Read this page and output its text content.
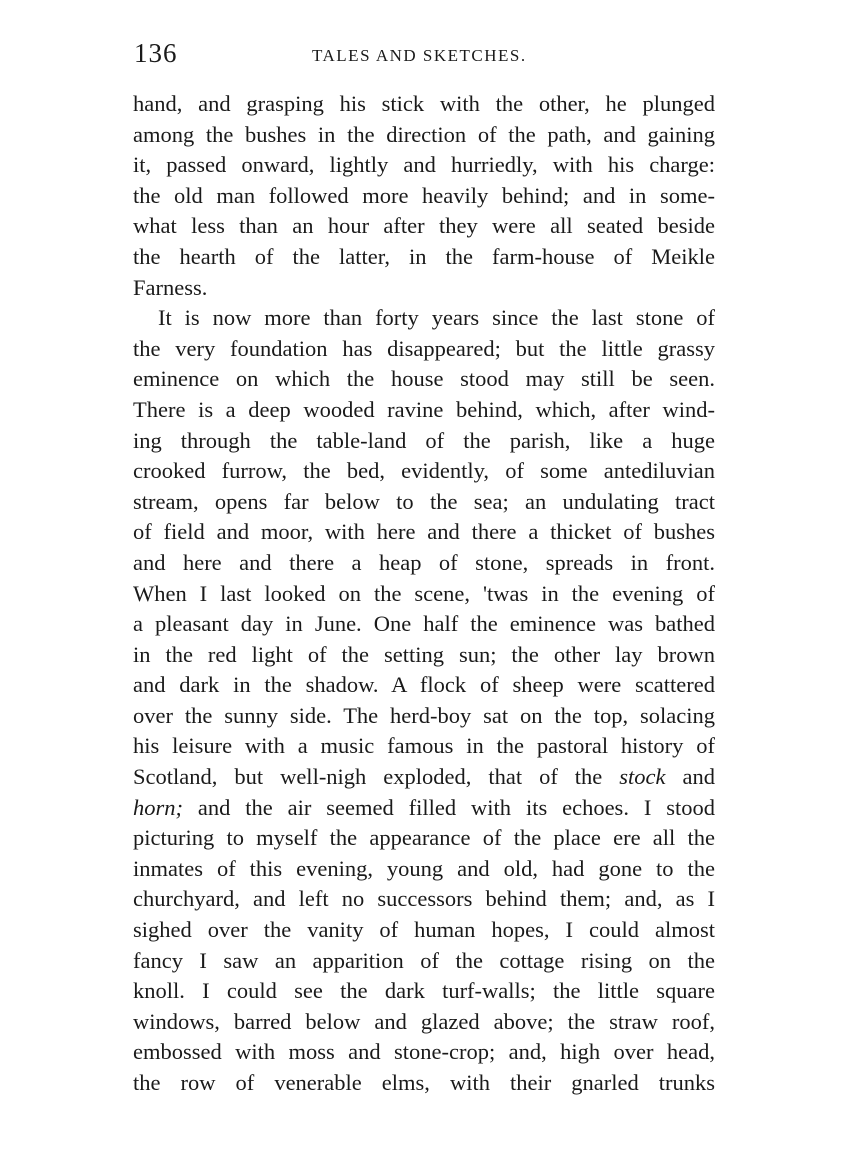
136	TALES AND SKETCHES.
hand, and grasping his stick with the other, he plunged
among the bushes in the direction of the path, and gaining
it, passed onward, lightly and hurriedly, with his charge:
the old man followed more heavily behind; and in some-
what less than an hour after they were all seated beside
the hearth of the latter, in the farm-house of Meikle
Farness.
It is now more than forty years since the last stone of
the very foundation has disappeared; but the little grassy
eminence on which the house stood may still be seen.
There is a deep wooded ravine behind, which, after wind-
ing through the table-land of the parish, like a huge
crooked furrow, the bed, evidently, of some antediluvian
stream, opens far below to the sea; an undulating tract
of field and moor, with here and there a thicket of bushes
and here and there a heap of stone, spreads in front.
When I last looked on the scene, 'twas in the evening of
a pleasant day in June. One half the eminence was bathed
in the red light of the setting sun; the other lay brown
and dark in the shadow. A flock of sheep were scattered
over the sunny side. The herd-boy sat on the top, solacing
his leisure with a music famous in the pastoral history of
Scotland, but well-nigh exploded, that of the stock and
horn; and the air seemed filled with its echoes. I stood
picturing to myself the appearance of the place ere all the
inmates of this evening, young and old, had gone to the
churchyard, and left no successors behind them; and, as I
sighed over the vanity of human hopes, I could almost
fancy I saw an apparition of the cottage rising on the
knoll. I could see the dark turf-walls; the little square
windows, barred below and glazed above; the straw roof,
embossed with moss and stone-crop; and, high over head,
the row of venerable elms, with their gnarled trunks
